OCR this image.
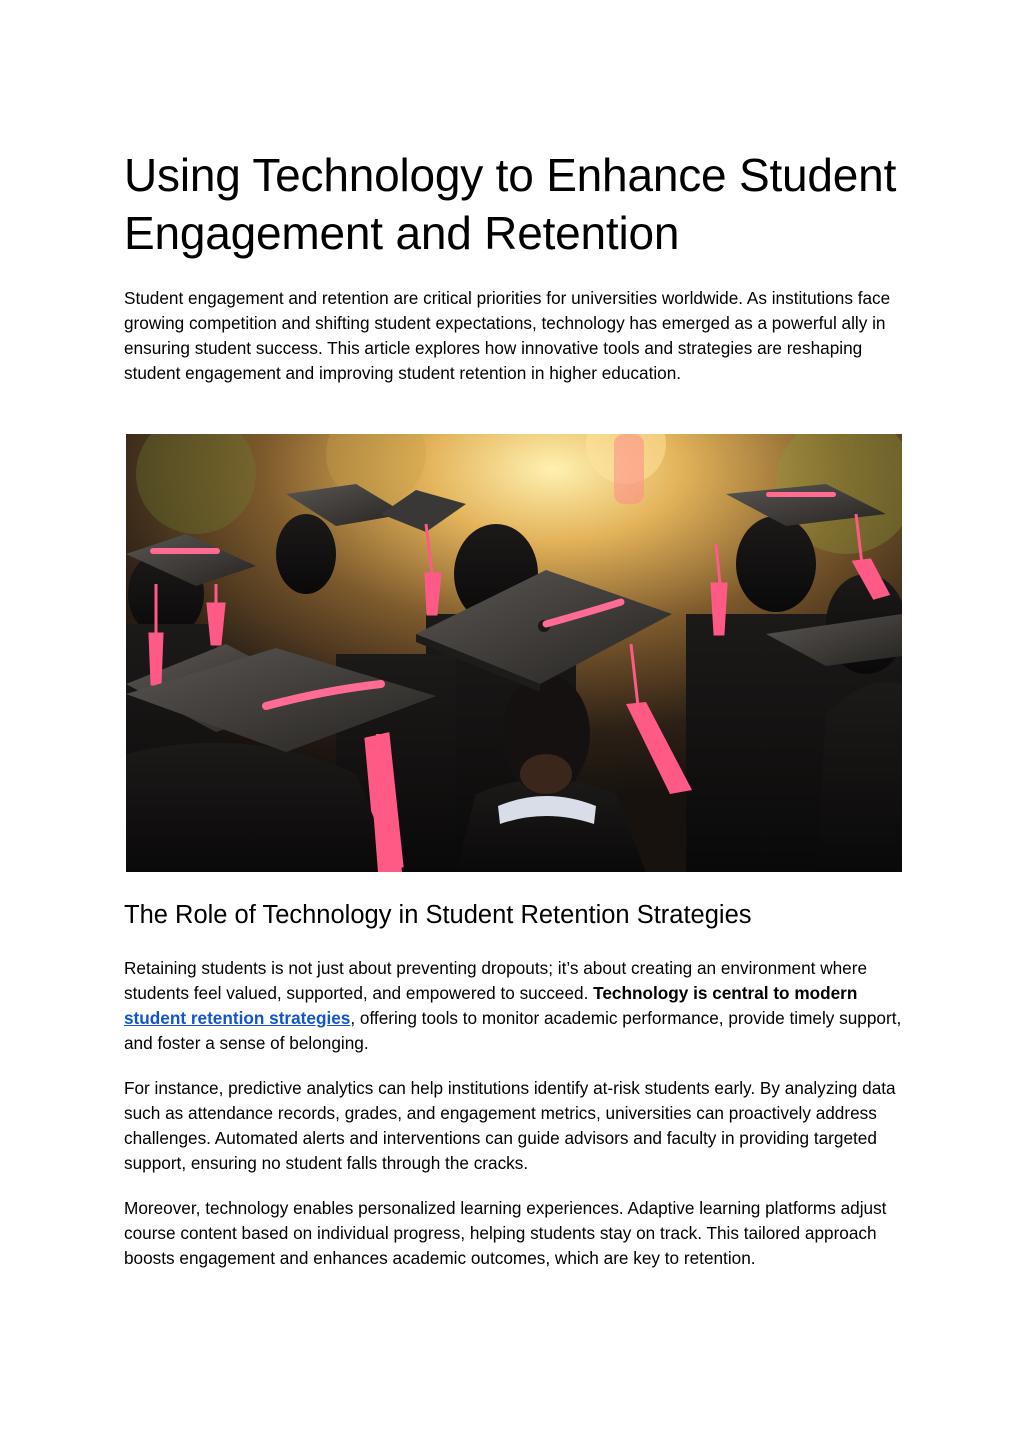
Using Technology to Enhance Student Engagement and Retention

Student engagement and retention are critical priorities for universities worldwide. As institutions face growing competition and shifting student expectations, technology has emerged as a powerful ally in ensuring student success. This article explores how innovative tools and strategies are reshaping student engagement and improving student retention in higher education.

The Role of Technology in Student Retention Strategies

Retaining students is not just about preventing dropouts; it’s about creating an environment where students feel valued, supported, and empowered to succeed. Technology is central to modern student retention strategies, offering tools to monitor academic performance, provide timely support, and foster a sense of belonging.

For instance, predictive analytics can help institutions identify at-risk students early. By analyzing data such as attendance records, grades, and engagement metrics, universities can proactively address challenges. Automated alerts and interventions can guide advisors and faculty in providing targeted support, ensuring no student falls through the cracks.

Moreover, technology enables personalized learning experiences. Adaptive learning platforms adjust course content based on individual progress, helping students stay on track. This tailored approach boosts engagement and enhances academic outcomes, which are key to retention.
